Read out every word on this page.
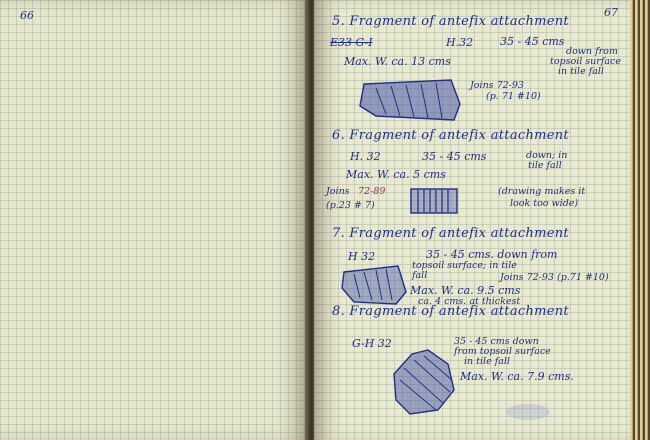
66	67
5. Fragment of antefix attachment
E33 G-I	H.32 35 - 45 cms
down from
topsoil surface
in tile fall
Max. W. ca. 13 cms
Joins 72-93
(p. 71 #10)
6. Fragment of antefix attachment
H. 32	35 - 45 cms	down; in
tile fall
Max. W. ca. 5 cms
Joins 72-89
(p.23 # 7)
(drawing makes it
look too wide)
7. Fragment of antefix attachment
H 32	35 - 45 cms. down from
topsoil surface; in tile
fall	Joins 72-93 (p.71 #10)
Max. W. ca. 9.5 cms
ca. 4 cms. at thickest
8. Fragment of antefix attachment
G-H 32	35 - 45 cms down
from topsoil surface
in tile fall
Max. W. ca. 7.9 cms.
